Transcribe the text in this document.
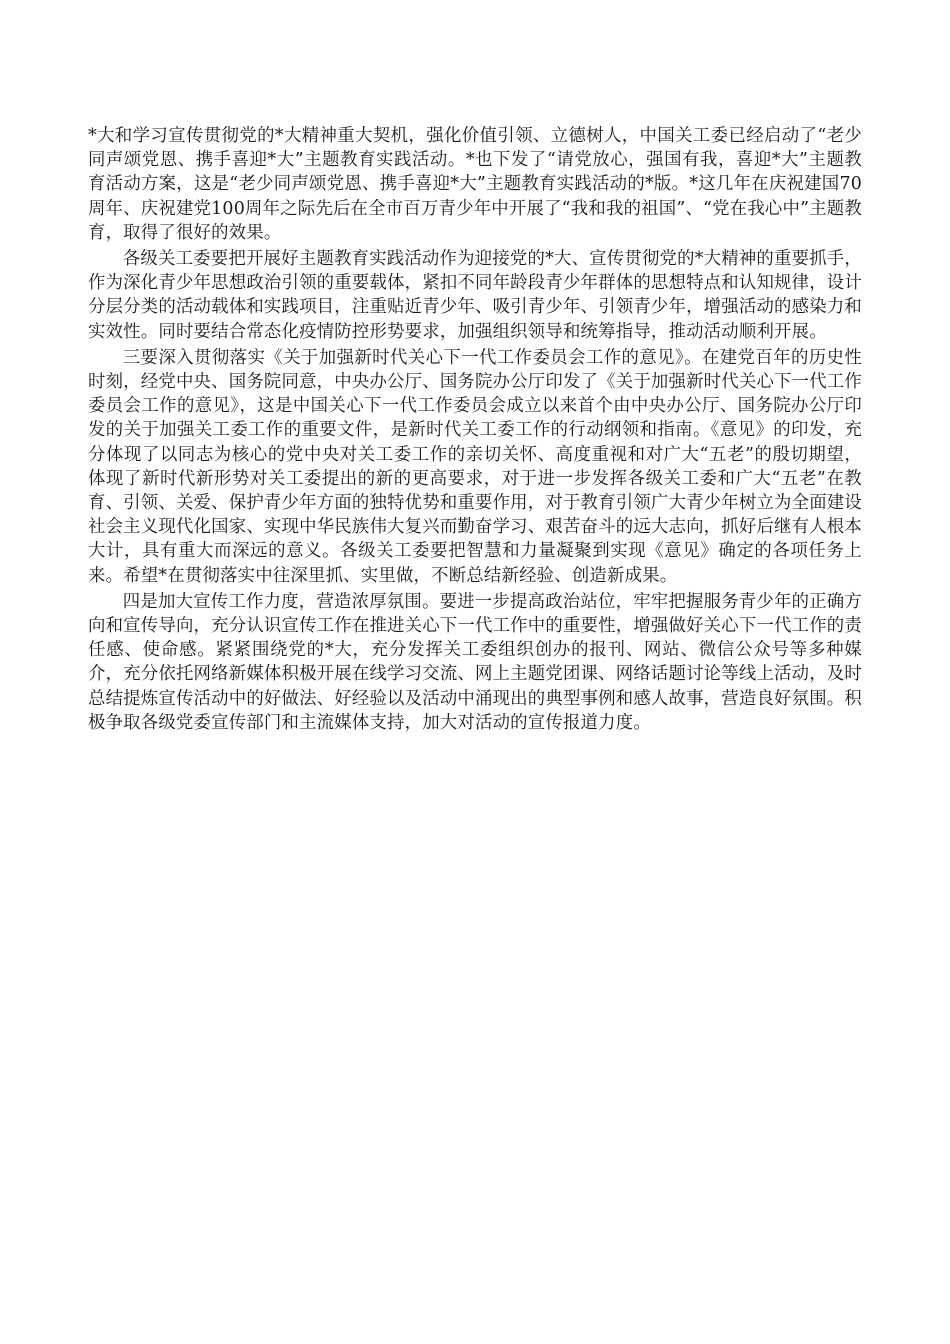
*大和学习宣传贯彻党的*大精神重大契机，强化价值引领、立德树人，中国关工委已经启动了“老少同声颂党恩、携手喜迎*大”主题教育实践活动。*也下发了“请党放心，强国有我，喜迎*大”主题教育活动方案，这是“老少同声颂党恩、携手喜迎*大”主题教育实践活动的*版。*这几年在庆祝建国70周年、庆祝建党100周年之际先后在全市百万青少年中开展了“我和我的祖国”、“党在我心中”主题教育，取得了很好的效果。

各级关工委要把开展好主题教育实践活动作为迎接党的*大、宣传贯彻党的*大精神的重要抓手，作为深化青少年思想政治引领的重要载体，紧扣不同年龄段青少年群体的思想特点和认知规律，设计分层分类的活动载体和实践项目，注重贴近青少年、吸引青少年、引领青少年，增强活动的感染力和实效性。同时要结合常态化疫情防控形势要求，加强组织领导和统筹指导，推动活动顺利开展。

三要深入贯彻落实《关于加强新时代关心下一代工作委员会工作的意见》。在建党百年的历史性时刻，经党中央、国务院同意，中央办公厅、国务院办公厅印发了《关于加强新时代关心下一代工作委员会工作的意见》，这是中国关心下一代工作委员会成立以来首个由中央办公厅、国务院办公厅印发的关于加强关工委工作的重要文件，是新时代关工委工作的行动纲领和指南。《意见》的印发，充分体现了以同志为核心的党中央对关工委工作的亲切关怀、高度重视和对广大“五老”的殷切期望，体现了新时代新形势对关工委提出的新的更高要求，对于进一步发挥各级关工委和广大“五老”在教育、引领、关爱、保护青少年方面的独特优势和重要作用，对于教育引领广大青少年树立为全面建设社会主义现代化国家、实现中华民族伟大复兴而勤奋学习、艰苦奋斗的远大志向，抓好后继有人根本大计，具有重大而深远的意义。各级关工委要把智慧和力量凝聚到实现《意见》确定的各项任务上来。希望*在贯彻落实中往深里抓、实里做，不断总结新经验、创造新成果。

四是加大宣传工作力度，营造浓厚氛围。要进一步提高政治站位，牢牢把握服务青少年的正确方向和宣传导向，充分认识宣传工作在推进关心下一代工作中的重要性，增强做好关心下一代工作的责任感、使命感。紧紧围绕党的*大，充分发挥关工委组织创办的报刊、网站、微信公众号等多种媒介，充分依托网络新媒体积极开展在线学习交流、网上主题党团课、网络话题讨论等线上活动，及时总结提炼宣传活动中的好做法、好经验以及活动中涌现出的典型事例和感人故事，营造良好氛围。积极争取各级党委宣传部门和主流媒体支持，加大对活动的宣传报道力度。
